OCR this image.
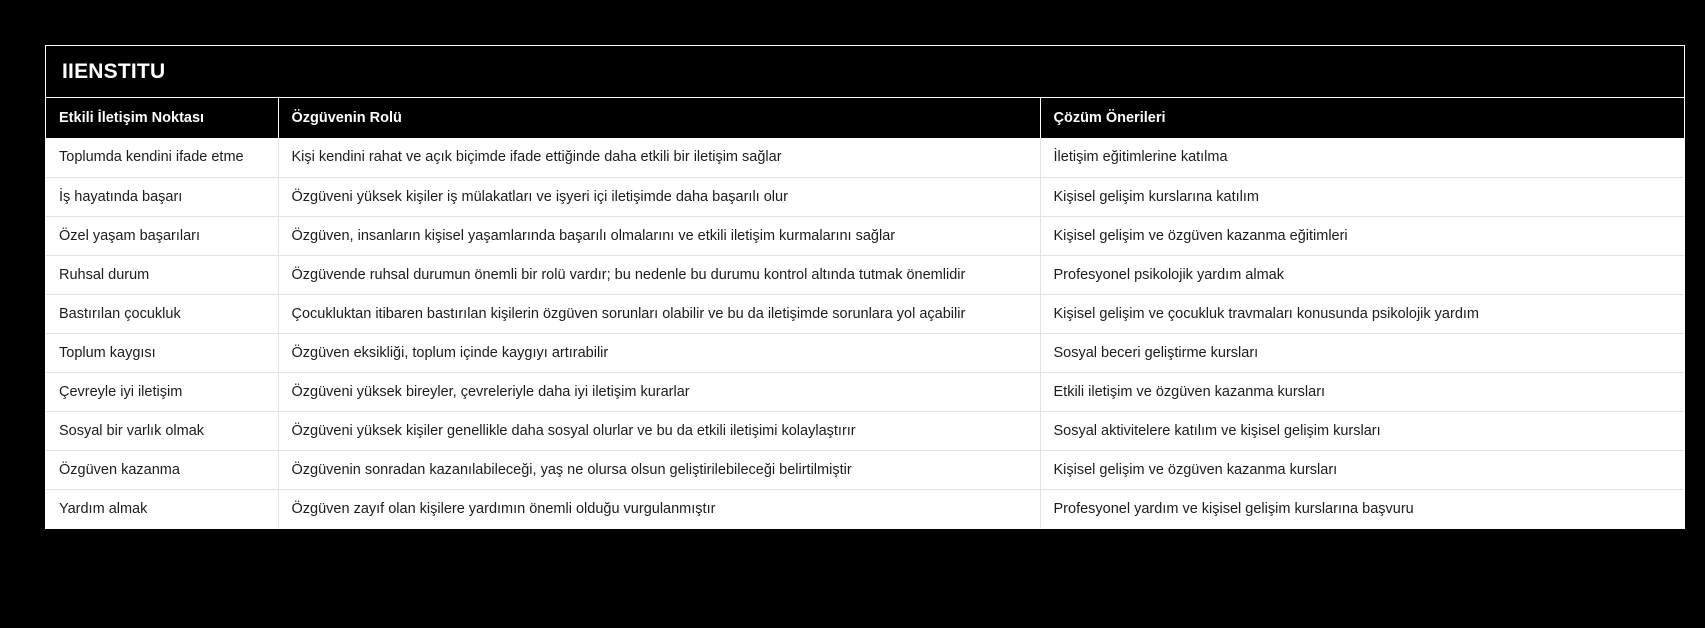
IIENSTITU
Etkili İletişim Noktası	Özgüvenin Rolü	Çözüm Önerileri
Toplumda kendini ifade etme	Kişi kendini rahat ve açık biçimde ifade ettiğinde daha etkili bir iletişim sağlar	İletişim eğitimlerine katılma
İş hayatında başarı	Özgüveni yüksek kişiler iş mülakatları ve işyeri içi iletişimde daha başarılı olur	Kişisel gelişim kurslarına katılım
Özel yaşam başarıları	Özgüven, insanların kişisel yaşamlarında başarılı olmalarını ve etkili iletişim kurmalarını sağlar	Kişisel gelişim ve özgüven kazanma eğitimleri
Ruhsal durum	Özgüvende ruhsal durumun önemli bir rolü vardır; bu nedenle bu durumu kontrol altında tutmak önemlidir	Profesyonel psikolojik yardım almak
Bastırılan çocukluk	Çocukluktan itibaren bastırılan kişilerin özgüven sorunları olabilir ve bu da iletişimde sorunlara yol açabilir	Kişisel gelişim ve çocukluk travmaları konusunda psikolojik yardım
Toplum kaygısı	Özgüven eksikliği, toplum içinde kaygıyı artırabilir	Sosyal beceri geliştirme kursları
Çevreyle iyi iletişim	Özgüveni yüksek bireyler, çevreleriyle daha iyi iletişim kurarlar	Etkili iletişim ve özgüven kazanma kursları
Sosyal bir varlık olmak	Özgüveni yüksek kişiler genellikle daha sosyal olurlar ve bu da etkili iletişimi kolaylaştırır	Sosyal aktivitelere katılım ve kişisel gelişim kursları
Özgüven kazanma	Özgüvenin sonradan kazanılabileceği, yaş ne olursa olsun geliştirilebileceği belirtilmiştir	Kişisel gelişim ve özgüven kazanma kursları
Yardım almak	Özgüven zayıf olan kişilere yardımın önemli olduğu vurgulanmıştır	Profesyonel yardım ve kişisel gelişim kurslarına başvuru
